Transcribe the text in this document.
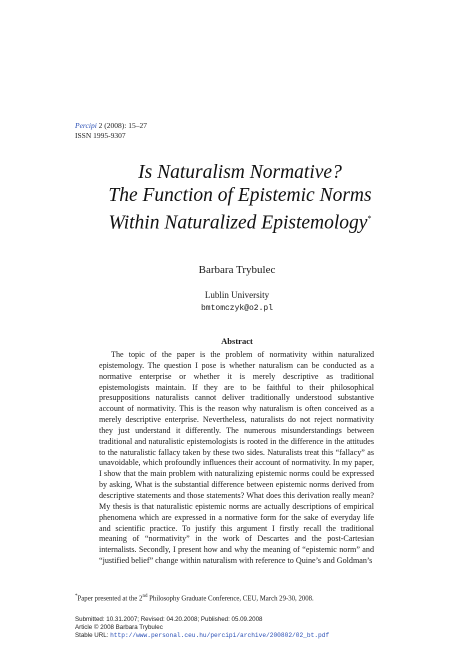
Percipi 2 (2008): 15–27
ISSN 1995-9307
Is Naturalism Normative?
The Function of Epistemic Norms
Within Naturalized Epistemology*
Barbara Trybulec
Lublin University
bmtomczyk@o2.pl
Abstract
The topic of the paper is the problem of normativity within naturalized epistemology. The question I pose is whether naturalism can be conducted as a normative enterprise or whether it is merely descriptive as traditional epistemologists maintain. If they are to be faithful to their philosophical presuppositions naturalists cannot deliver traditionally understood substantive account of normativity. This is the reason why naturalism is often conceived as a merely descriptive enterprise. Nevertheless, naturalists do not reject normativity they just understand it differently. The numerous misunderstandings between traditional and naturalistic epistemologists is rooted in the difference in the attitudes to the naturalistic fallacy taken by these two sides. Naturalists treat this “fallacy” as unavoidable, which profoundly influences their account of normativity. In my paper, I show that the main problem with naturalizing epistemic norms could be expressed by asking, What is the substantial difference between epistemic norms derived from descriptive statements and those statements? What does this derivation really mean? My thesis is that naturalistic epistemic norms are actually descriptions of empirical phenomena which are expressed in a normative form for the sake of everyday life and scientific practice. To justify this argument I firstly recall the traditional meaning of “normativity” in the work of Descartes and the post-Cartesian internalists. Secondly, I present how and why the meaning of “epistemic norm” and “justified belief” change within naturalism with reference to Quine’s and Goldman’s
*Paper presented at the 2nd Philosophy Graduate Conference, CEU, March 29-30, 2008.
Submitted: 10.31.2007; Revised: 04.20.2008; Published: 05.09.2008
Article © 2008 Barbara Trybulec
Stable URL: http://www.personal.ceu.hu/percipi/archive/200802/02_bt.pdf
